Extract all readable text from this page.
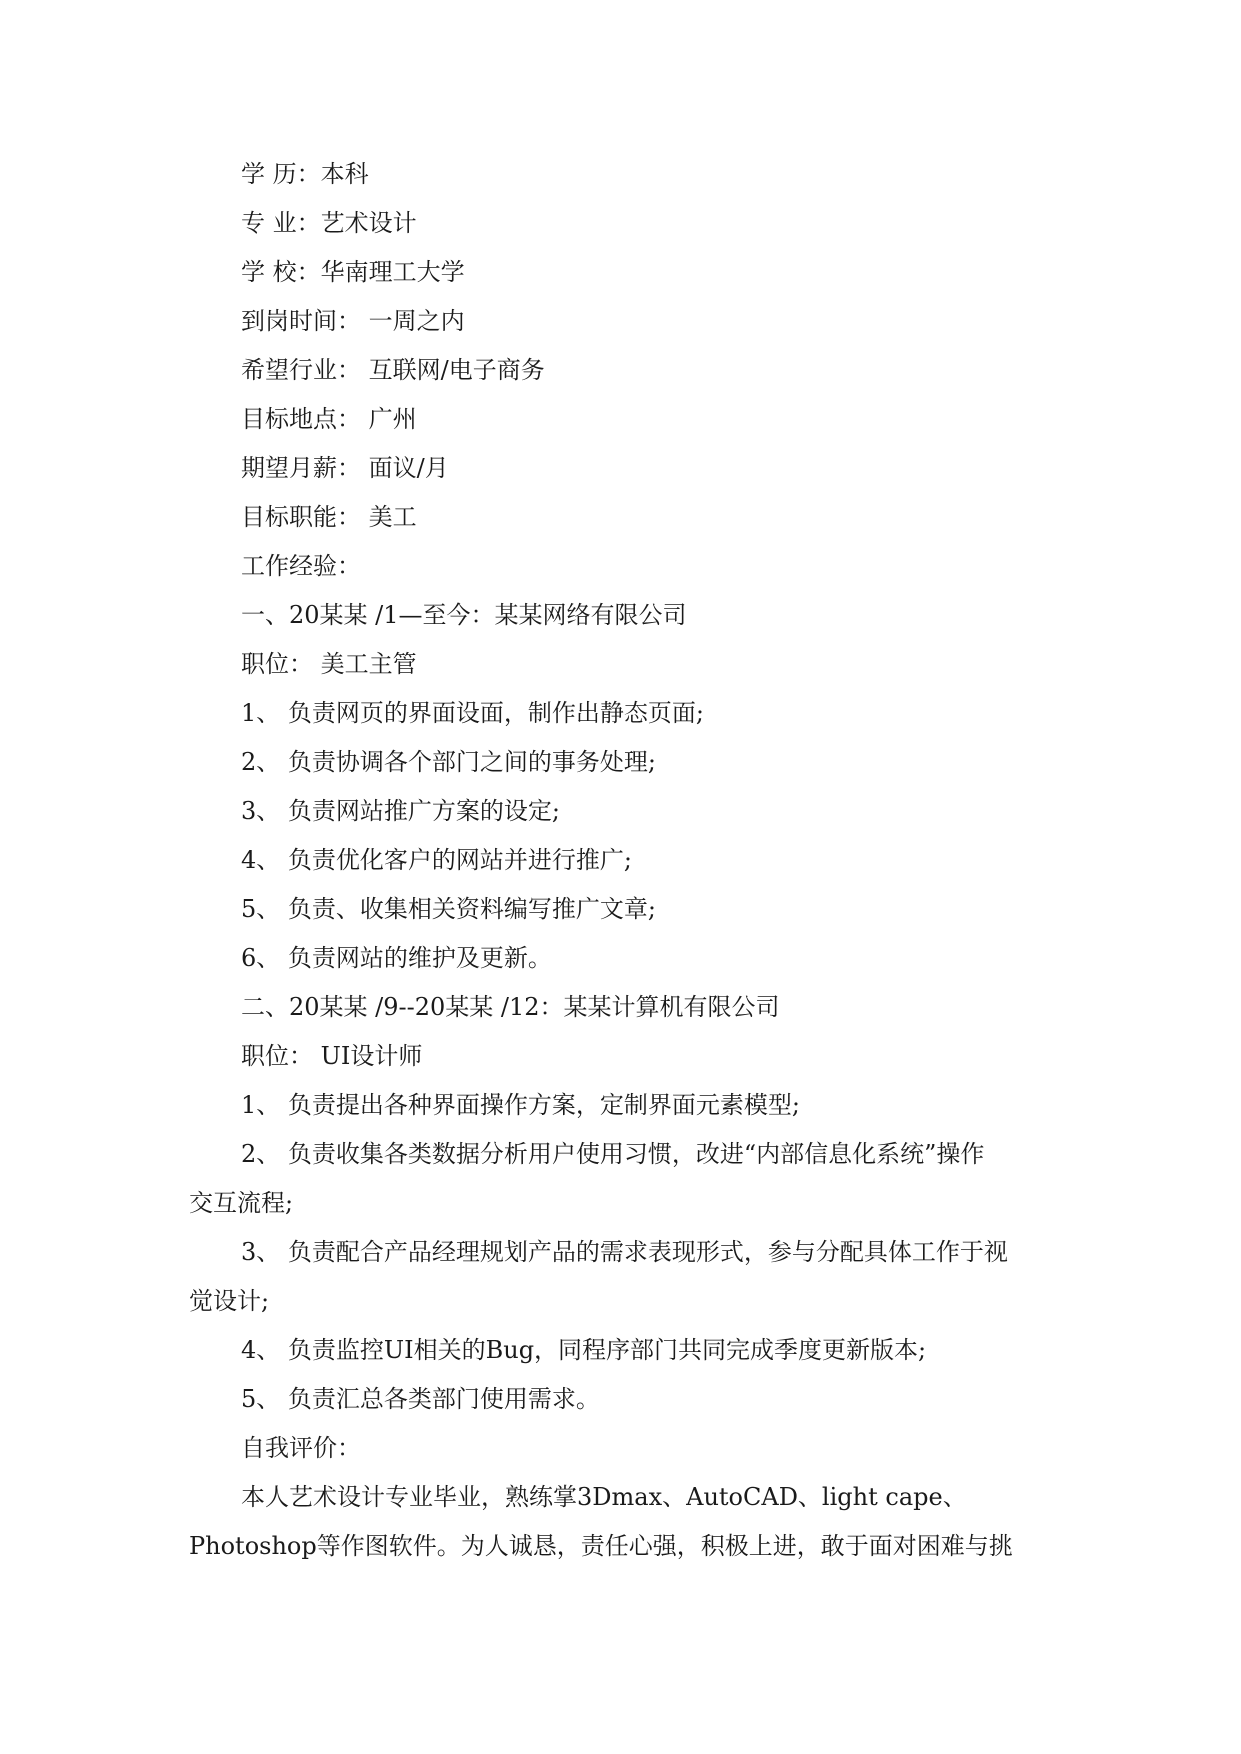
学 历：本科
专 业：艺术设计
学 校：华南理工大学
到岗时间： 一周之内
希望行业： 互联网/电子商务
目标地点： 广州
期望月薪： 面议/月
目标职能： 美工
工作经验：
一、20某某 /1—至今：某某网络有限公司
职位： 美工主管
1、 负责网页的界面设面，制作出静态页面;
2、 负责协调各个部门之间的事务处理;
3、 负责网站推广方案的设定;
4、 负责优化客户的网站并进行推广;
5、 负责、收集相关资料编写推广文章;
6、 负责网站的维护及更新。
二、20某某 /9--20某某 /12：某某计算机有限公司
职位： UI设计师
1、 负责提出各种界面操作方案，定制界面元素模型;
2、 负责收集各类数据分析用户使用习惯，改进“内部信息化系统”操作
交互流程;
3、 负责配合产品经理规划产品的需求表现形式，参与分配具体工作于视
觉设计;
4、 负责监控UI相关的Bug，同程序部门共同完成季度更新版本;
5、 负责汇总各类部门使用需求。
自我评价：
本人艺术设计专业毕业，熟练掌3Dmax、AutoCAD、light cape、
Photoshop等作图软件。为人诚恳，责任心强，积极上进，敢于面对困难与挑
